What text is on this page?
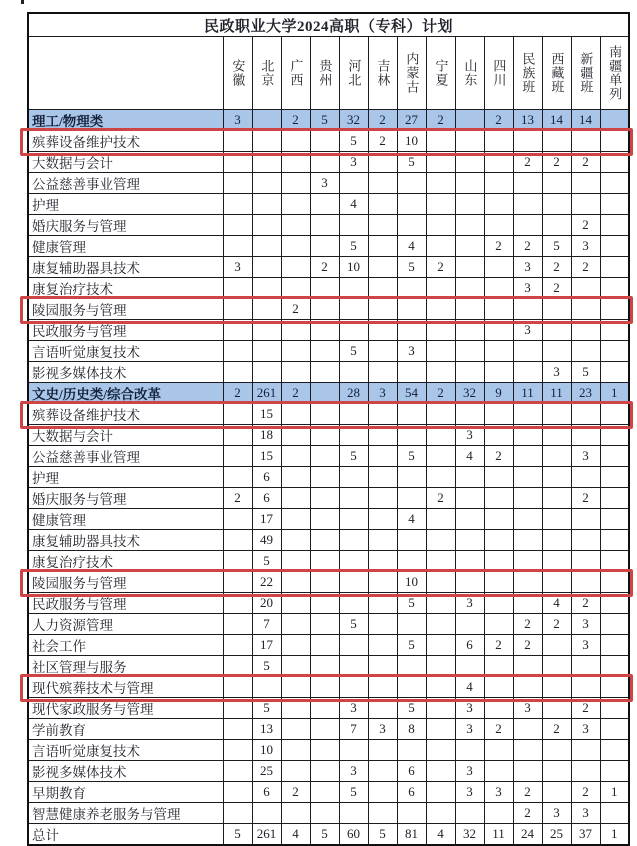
民政职业大学2024高职（专科）计划														

	安徽	北京	广西	贵州	河北	吉林	内蒙古	宁夏	山东	四川	民族班	西藏班	新疆班	南疆单列

理工/物理类	3		2	5	32	2	27	2		2	13	14	14	
殡葬设备维护技术					5	2	10							
大数据与会计					3		5				2	2	2	
公益慈善事业管理				3										
护理					4									
婚庆服务与管理													2	
健康管理					5		4			2	2	5	3	
康复辅助器具技术	3			2	10		5	2			3	2	2	
康复治疗技术											3	2		
陵园服务与管理			2											
民政服务与管理											3			
言语听觉康复技术					5		3							
影视多媒体技术												3	5	
文史/历史类/综合改革	2	261	2		28	3	54	2	32	9	11	11	23	1
殡葬设备维护技术		15												
大数据与会计		18							3					
公益慈善事业管理		15			5		5		4	2			3	
护理		6												
婚庆服务与管理	2	6						2					2	
健康管理		17					4							
康复辅助器具技术		49												
康复治疗技术		5												
陵园服务与管理		22					10							
民政服务与管理		20					5		3			4	2	
人力资源管理		7			5						2	2	3	
社会工作		17					5		6	2	2		3	
社区管理与服务		5												
现代殡葬技术与管理									4					
现代家政服务与管理		5			3		5		3		3		2	
学前教育		13			7	3	8		3	2		2	3	
言语听觉康复技术		10												
影视多媒体技术		25			3		6		3					
早期教育		6	2		5		6		3	3	2		2	1
智慧健康养老服务与管理											2	3	3	
总计	5	261	4	5	60	5	81	4	32	11	24	25	37	1
